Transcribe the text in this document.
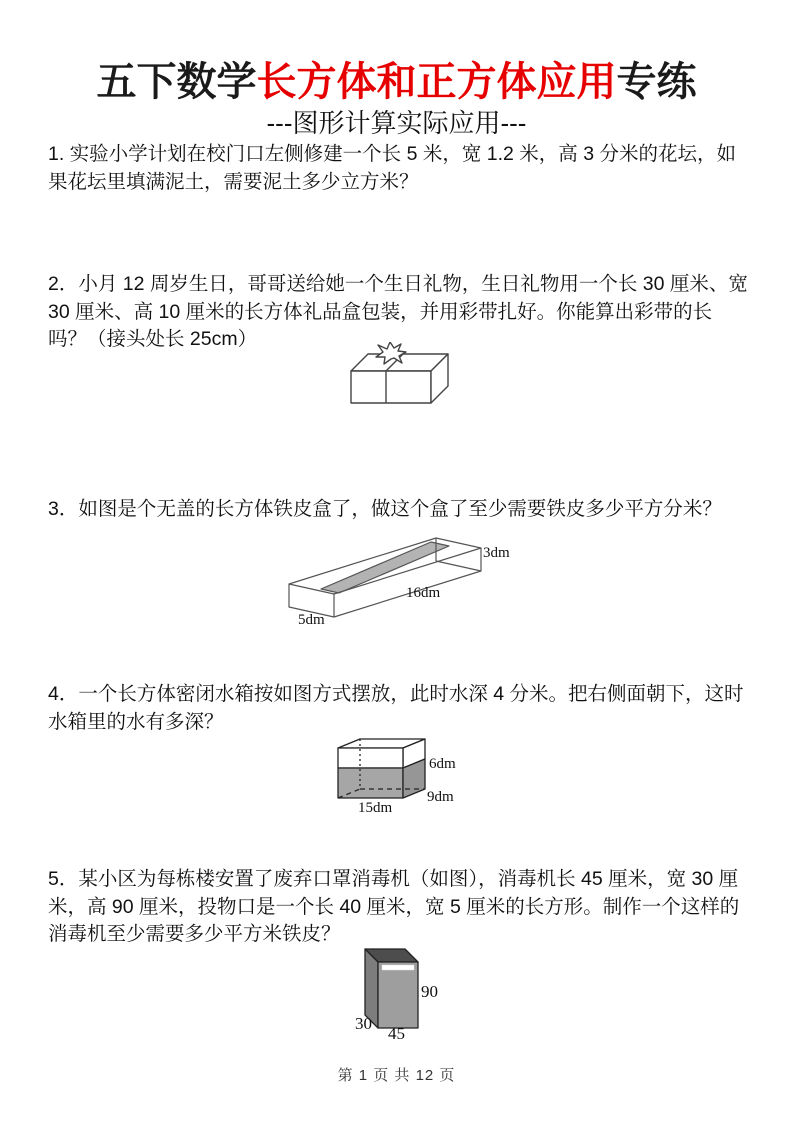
五下数学长方体和正方体应用专练
---图形计算实际应用---
1. 实验小学计划在校门口左侧修建一个长 5 米，宽 1.2 米，高 3 分米的花坛，如果花坛里填满泥土，需要泥土多少立方米？
2．小月 12 周岁生日，哥哥送给她一个生日礼物，生日礼物用一个长 30 厘米、宽 30 厘米、高 10 厘米的长方体礼品盒包装，并用彩带扎好。你能算出彩带的长吗？（接头处长 25cm）
3．如图是个无盖的长方体铁皮盒了，做这个盒了至少需要铁皮多少平方分米？
3dm
16dm
5dm
4．一个长方体密闭水箱按如图方式摆放，此时水深 4 分米。把右侧面朝下，这时水箱里的水有多深？
6dm
9dm
15dm
5．某小区为每栋楼安置了废弃口罩消毒机（如图），消毒机长 45 厘米，宽 30 厘米，高 90 厘米，投物口是一个长 40 厘米，宽 5 厘米的长方形。制作一个这样的消毒机至少需要多少平方米铁皮？
90
30
45
第 1 页 共 12 页
